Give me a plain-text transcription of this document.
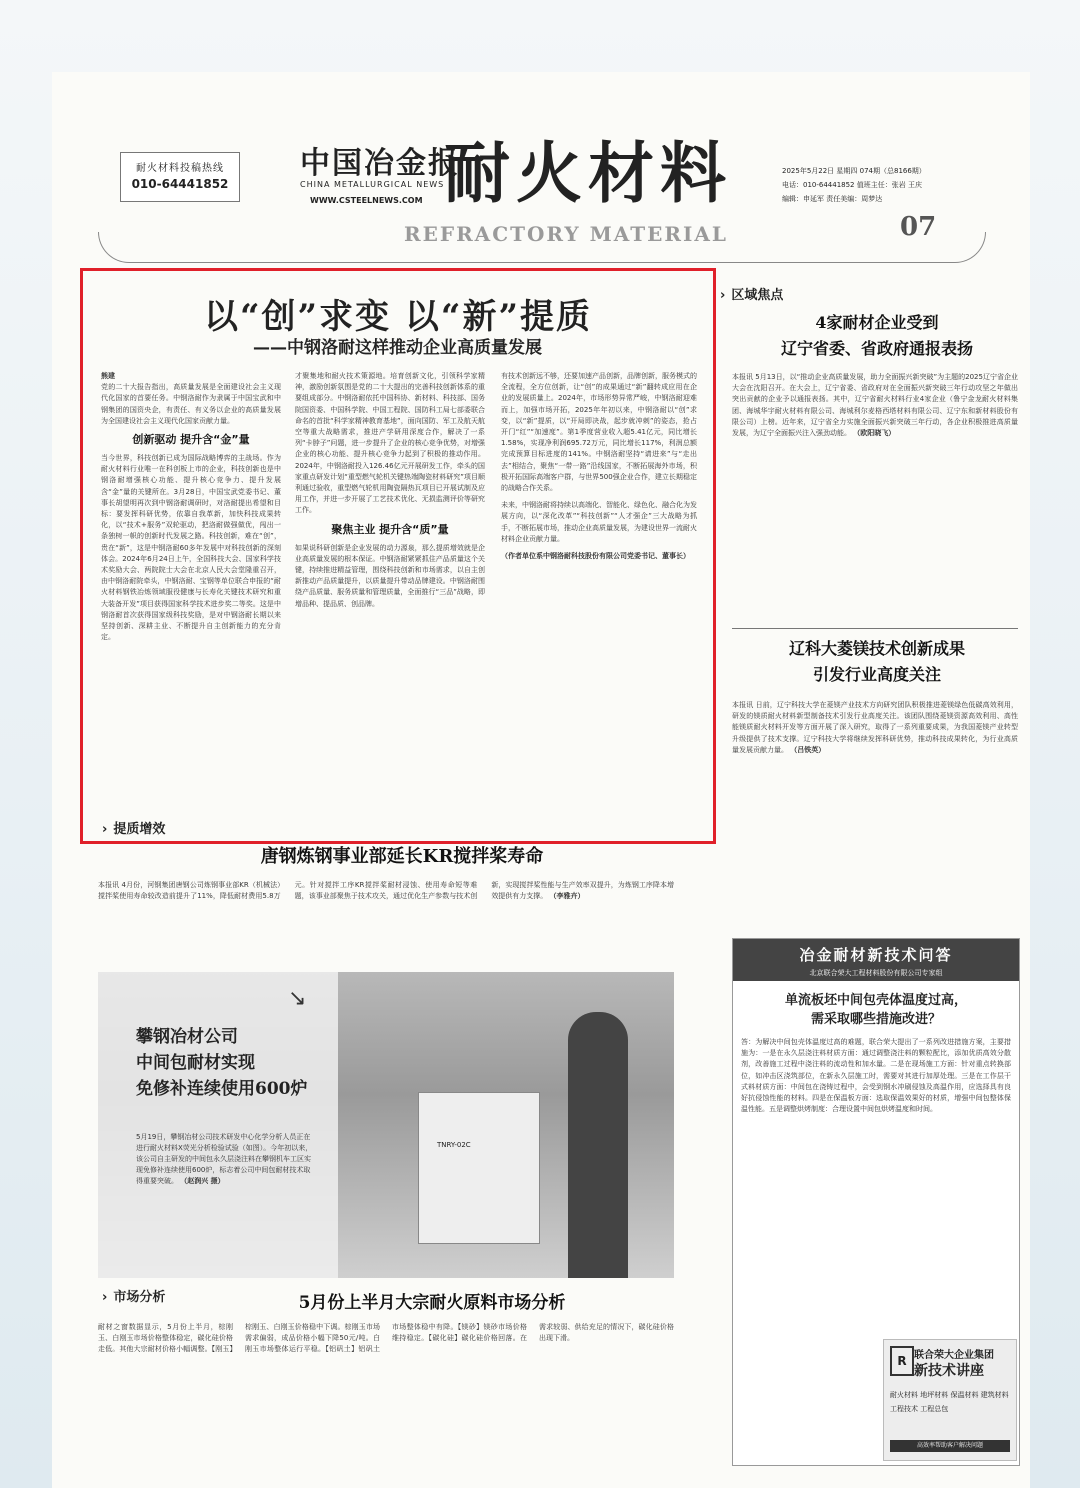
耐火材料投稿热线
010-64441852
中国冶金报
CHINA METALLURGICAL NEWS
WWW.CSTEELNEWS.COM 耐火材料	2025年5月22日 星期四 074期（总8166期）
电话：010-64441852 值班主任：张岩 王庆
编辑：申延军 责任美编：周梦达
REFRACTORY MATERIAL	07
以“创”求变 以“新”提质
——中钢洛耐这样推动企业高质量发展
熊建
党的二十大报告指出，高质量发展是全面建设社会主义现代化国家的首要任务。中钢洛耐作为隶属于中国宝武和中钢集团的国资央企，有责任、有义务以企业的高质量发展为全国建设社会主义现代化国家贡献力量。
创新驱动 提升含“金”量
当今世界，科技创新已成为国际战略博弈的主战场。作为耐火材料行业唯一在科创板上市的企业，科技创新也是中钢洛耐增强核心功能、提升核心竞争力、提升发展含“金”量的关键所在。3月28日，中国宝武党委书记、董事长胡望明再次到中钢洛耐调研时，对洛耐提出希望和目标：要发挥科研优势，依靠自我革新，加快科技成果转化，以“技术+服务”双轮驱动，把洛耐做强做优，闯出一条独树一帜的创新时代发展之路。科技创新，难在“创”，贵在“新”，这是中钢洛耐60多年发展中对科技创新的深刻体会。2024年6月24日上午，全国科技大会、国家科学技术奖励大会、两院院士大会在北京人民大会堂隆重召开，由中钢洛耐院牵头，中钢洛耐、宝钢等单位联合申报的“耐火材料钢铁冶炼领域服役健康与长寿化关键技术研究和重大装备开发”项目获得国家科学技术进步奖二等奖。这是中钢洛耐首次获得国家级科技奖励，是对中钢洛耐长期以来坚持创新、深耕主业、不断提升自主创新能力的充分肯定。
才聚集地和耐火技术策源地。培育创新文化，引领科学家精神，激励创新氛围是党的二十大提出的完善科技创新体系的重要组成部分。中钢洛耐依托中国科协、新材料、科技部、国务院国资委、中国科学院、中国工程院、国防科工局七部委联合命名的首批“科学家精神教育基地”，面向国防、军工及航天航空等重大战略需求，推进产学研用深度合作，解决了一系列“卡脖子”问题，进一步提升了企业的核心竞争优势，对增强企业的核心功能、提升核心竞争力起到了积极的推动作用。2024年，中钢洛耐投入126.46亿元开展研发工作，牵头的国家重点研发计划“重型燃气轮机关键热端陶瓷材料研究”项目顺利通过验收，重型燃气轮机用陶瓷隔热瓦项目已开展试制及应用工作，并进一步开展了工艺技术优化、无损监测评价等研究工作。
聚焦主业 提升含“质”量
如果说科研创新是企业发展的动力源泉，那么提质增效就是企业高质量发展的根本保证。中钢洛耐紧紧抓住产品质量这个关键，持续推进精益管理，围绕科技创新和市场需求，以自主创新推动产品质量提升，以质量提升带动品牌建设。中钢洛耐围绕产品质量、服务质量和管理质量，全面推行“三品”战略，即增品种、提品质、创品牌。
有技术创新远不够，还要加速产品创新，品牌创新，服务模式的全流程，全方位创新，让“创”的成果通过“新”翻转成应用在企业的发展质量上。2024年，市场形势异常严峻，中钢洛耐迎难而上，加强市场开拓，2025年年初以来，中钢洛耐以“创”求变，以“新”提质，以“开局即决战，起步就冲刺”的姿态，抢占开门“红”“加速度”。第1季度营业收入超5.41亿元，同比增长1.58%，实现净利润695.72万元，同比增长117%，利润总额完成预算目标进度的141%。中钢洛耐坚持“请进来”与“走出去”相结合，聚焦“一带一路”沿线国家，不断拓展海外市场，积极开拓国际高端客户群，与世界500强企业合作，建立长期稳定的战略合作关系。
未来，中钢洛耐将持续以高端化、智能化、绿色化、融合化为发展方向，以“深化改革”“科技创新”“人才强企”三大战略为抓手，不断拓展市场，推动企业高质量发展，为建设世界一流耐火材料企业贡献力量。
（作者单位系中钢洛耐科技股份有限公司党委书记、董事长）
› 区域焦点
4家耐材企业受到
辽宁省委、省政府通报表扬
本报讯 5月13日，以“推动企业高质量发展，助力全面振兴新突破”为主题的2025辽宁省企业大会在沈阳召开。在大会上，辽宁省委、省政府对在全面振兴新突破三年行动攻坚之年做出突出贡献的企业予以通报表扬。其中，辽宁省耐火材料行业4家企业（鲁宁金龙耐火材料集团、海城华宇耐火材料有限公司、海城利尔麦格西塔材料有限公司、辽宁东和新材料股份有限公司）上榜。近年来，辽宁省全力实施全面振兴新突破三年行动，各企业积极推进高质量发展，为辽宁全面振兴注入强劲动能。 （欧阳晓飞）
辽科大菱镁技术创新成果
引发行业高度关注
本报讯 日前，辽宁科技大学在菱镁产业技术方向研究团队积极推进菱镁绿色低碳高效利用，研发的镁质耐火材料新型制备技术引发行业高度关注。该团队围绕菱镁资源高效利用、高性能镁质耐火材料开发等方面开展了深入研究，取得了一系列重要成果，为我国菱镁产业转型升级提供了技术支撑。辽宁科技大学将继续发挥科研优势，推动科技成果转化，为行业高质量发展贡献力量。 （吕铁英）
› 提质增效
唐钢炼钢事业部延长KR搅拌桨寿命
本报讯 4月份，河钢集团唐钢公司炼钢事业部KR（机械法）搅拌桨使用寿命较改造前提升了11%，降低耐材费用5.8万元。针对搅拌工序KR搅拌桨耐材浸蚀、使用寿命短等难题，该事业部聚焦于技术攻关，通过优化生产参数与技术创新，实现搅拌桨性能与生产效率双提升，为炼钢工序降本增效提供有力支撑。 （李雅卉）
攀钢冶材公司
中间包耐材实现
免修补连续使用600炉
5月19日，攀钢冶材公司技术研发中心化学分析人员正在进行耐火材料X荧光分析检验试验（如图）。今年初以来，该公司自主研发的中间包永久层浇注料在攀钢机车工区实现免修补连续使用600炉，标志着公司中间包耐材技术取得重要突破。 （赵润兴 摄）
↘
TNRY-02C
› 市场分析	5月份上半月大宗耐火原料市场分析
耐材之窗数据显示，5月份上半月，棕刚玉、白刚玉市场价格整体稳定，碳化硅价格走低。其他大宗耐材价格小幅调整。【刚玉】棕刚玉、白刚玉价格稳中下调。棕刚玉市场需求偏弱，成品价格小幅下降50元/吨。白刚玉市场整体运行平稳。【铝矾土】铝矾土市场整体稳中有降。【镁砂】镁砂市场价格维持稳定。【碳化硅】碳化硅价格回落。在需求较弱、供给充足的情况下，碳化硅价格出现下滑。
冶金耐材新技术问答
北京联合荣大工程材料股份有限公司专家组
单流板坯中间包壳体温度过高，
需采取哪些措施改进？
答：为解决中间包壳体温度过高的难题，联合荣大提出了一系列改进措施方案，主要措施为：一是在永久层浇注料材质方面：通过调整浇注料的颗粒配比，添加优质高效分散剂，改善施工过程中浇注料的流动性和加水量。二是在现场施工方面：针对重点转换部位，如冲击区浇筑部位，在新永久层施工时，需要对其进行加厚处理。三是在工作层干式料材质方面：中间包在浇铸过程中，会受到钢水冲刷侵蚀及高温作用，应选择具有良好抗侵蚀性能的材料。四是在保温板方面：选取保温效果好的材质，增强中间包整体保温性能。五是调整烘烤制度：合理设置中间包烘烤温度和时间。
R 联合荣大企业集团
新技术讲座
耐火材料 地坪材料 保温材料 建筑材料 工程技术 工程总包
高效率帮助客户解决问题
